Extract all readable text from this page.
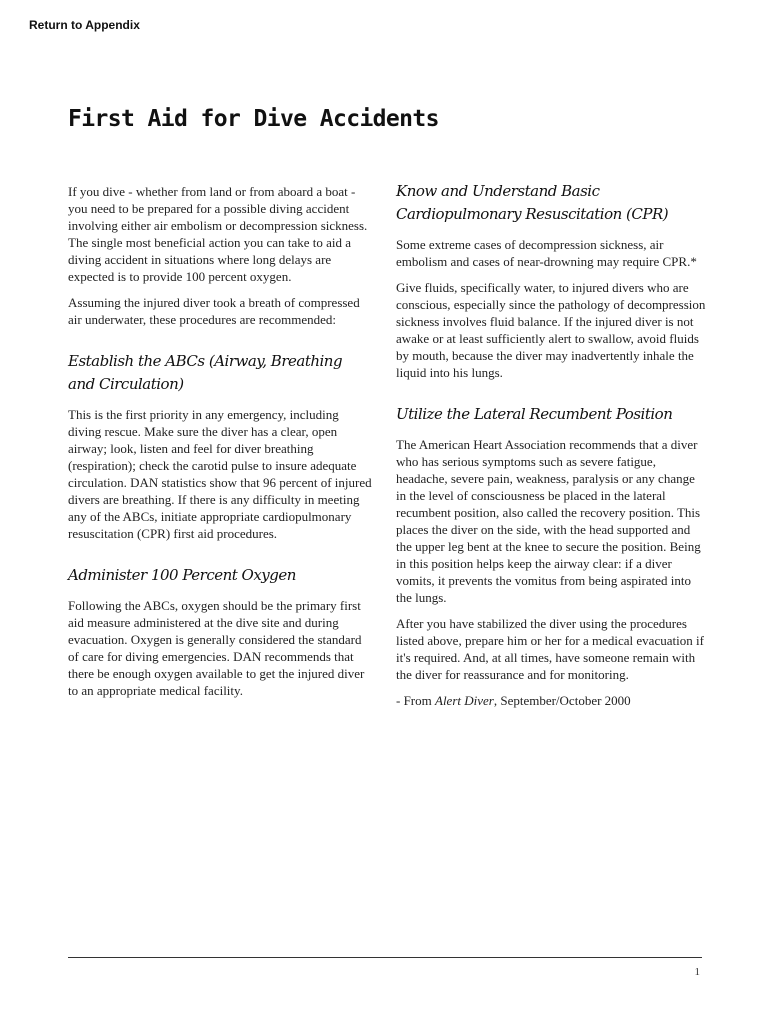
Return to Appendix
First Aid for Dive Accidents

If you dive - whether from land or from aboard a boat - you need to be prepared for a possible diving accident involving either air embolism or decompression sickness. The single most beneficial action you can take to aid a diving accident in situations where long delays are expected is to provide 100 percent oxygen.

Assuming the injured diver took a breath of compressed air underwater, these procedures are recommended:

Establish the ABCs (Airway, Breathing and Circulation)

This is the first priority in any emergency, including diving rescue. Make sure the diver has a clear, open airway; look, listen and feel for diver breathing (respiration); check the carotid pulse to insure adequate circulation. DAN statistics show that 96 percent of injured divers are breathing. If there is any difficulty in meeting any of the ABCs, initiate appropriate cardiopulmonary resuscitation (CPR) first aid procedures.

Administer 100 Percent Oxygen

Following the ABCs, oxygen should be the primary first aid measure administered at the dive site and during evacuation. Oxygen is generally considered the standard of care for diving emergencies. DAN recommends that there be enough oxygen available to get the injured diver to an appropriate medical facility.

Know and Understand Basic Cardiopulmonary Resuscitation (CPR)

Some extreme cases of decompression sickness, air embolism and cases of near-drowning may require CPR.*

Give fluids, specifically water, to injured divers who are conscious, especially since the pathology of decompression sickness involves fluid balance. If the injured diver is not awake or at least sufficiently alert to swallow, avoid fluids by mouth, because the diver may inadvertently inhale the liquid into his lungs.

Utilize the Lateral Recumbent Position

The American Heart Association recommends that a diver who has serious symptoms such as severe fatigue, headache, severe pain, weakness, paralysis or any change in the level of consciousness be placed in the lateral recumbent position, also called the recovery position. This places the diver on the side, with the head supported and the upper leg bent at the knee to secure the position. Being in this position helps keep the airway clear: if a diver vomits, it prevents the vomitus from being aspirated into the lungs.

After you have stabilized the diver using the procedures listed above, prepare him or her for a medical evacuation if it's required. And, at all times, have someone remain with the diver for reassurance and for monitoring.

- From Alert Diver, September/October 2000

1
